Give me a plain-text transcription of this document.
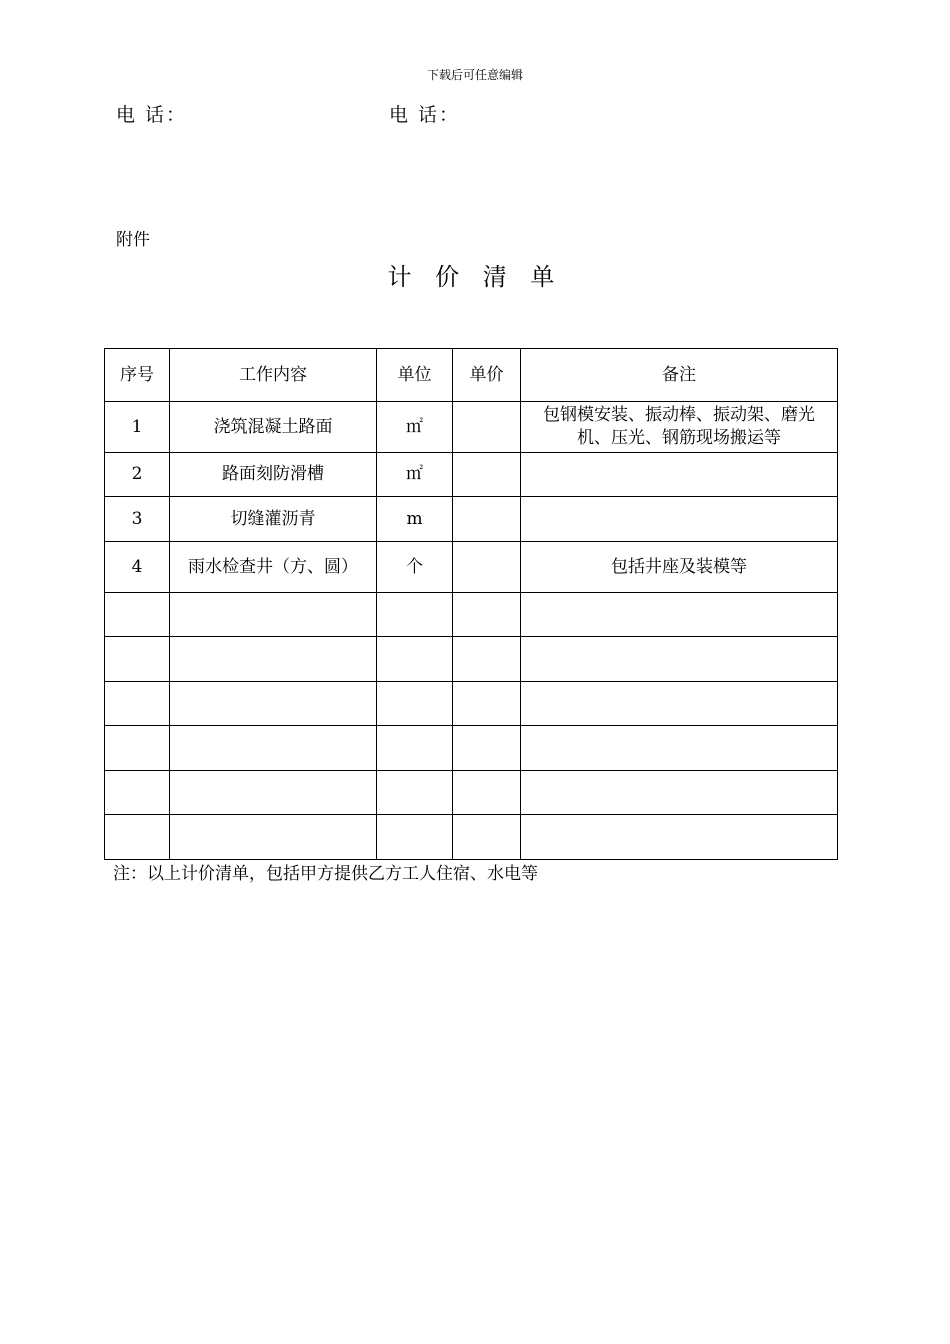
下载后可任意编辑
电 话：	电 话：
附件
计 价 清 单
序号	工作内容	单位	单价	备注
1	浇筑混凝土路面	㎡		包钢模安装、振动棒、振动架、磨光机、压光、钢筋现场搬运等
2	路面刻防滑槽	㎡		
3	切缝灌沥青	m		
4	雨水检查井（方、圆）	个		包括井座及装模等

注：以上计价清单，包括甲方提供乙方工人住宿、水电等
